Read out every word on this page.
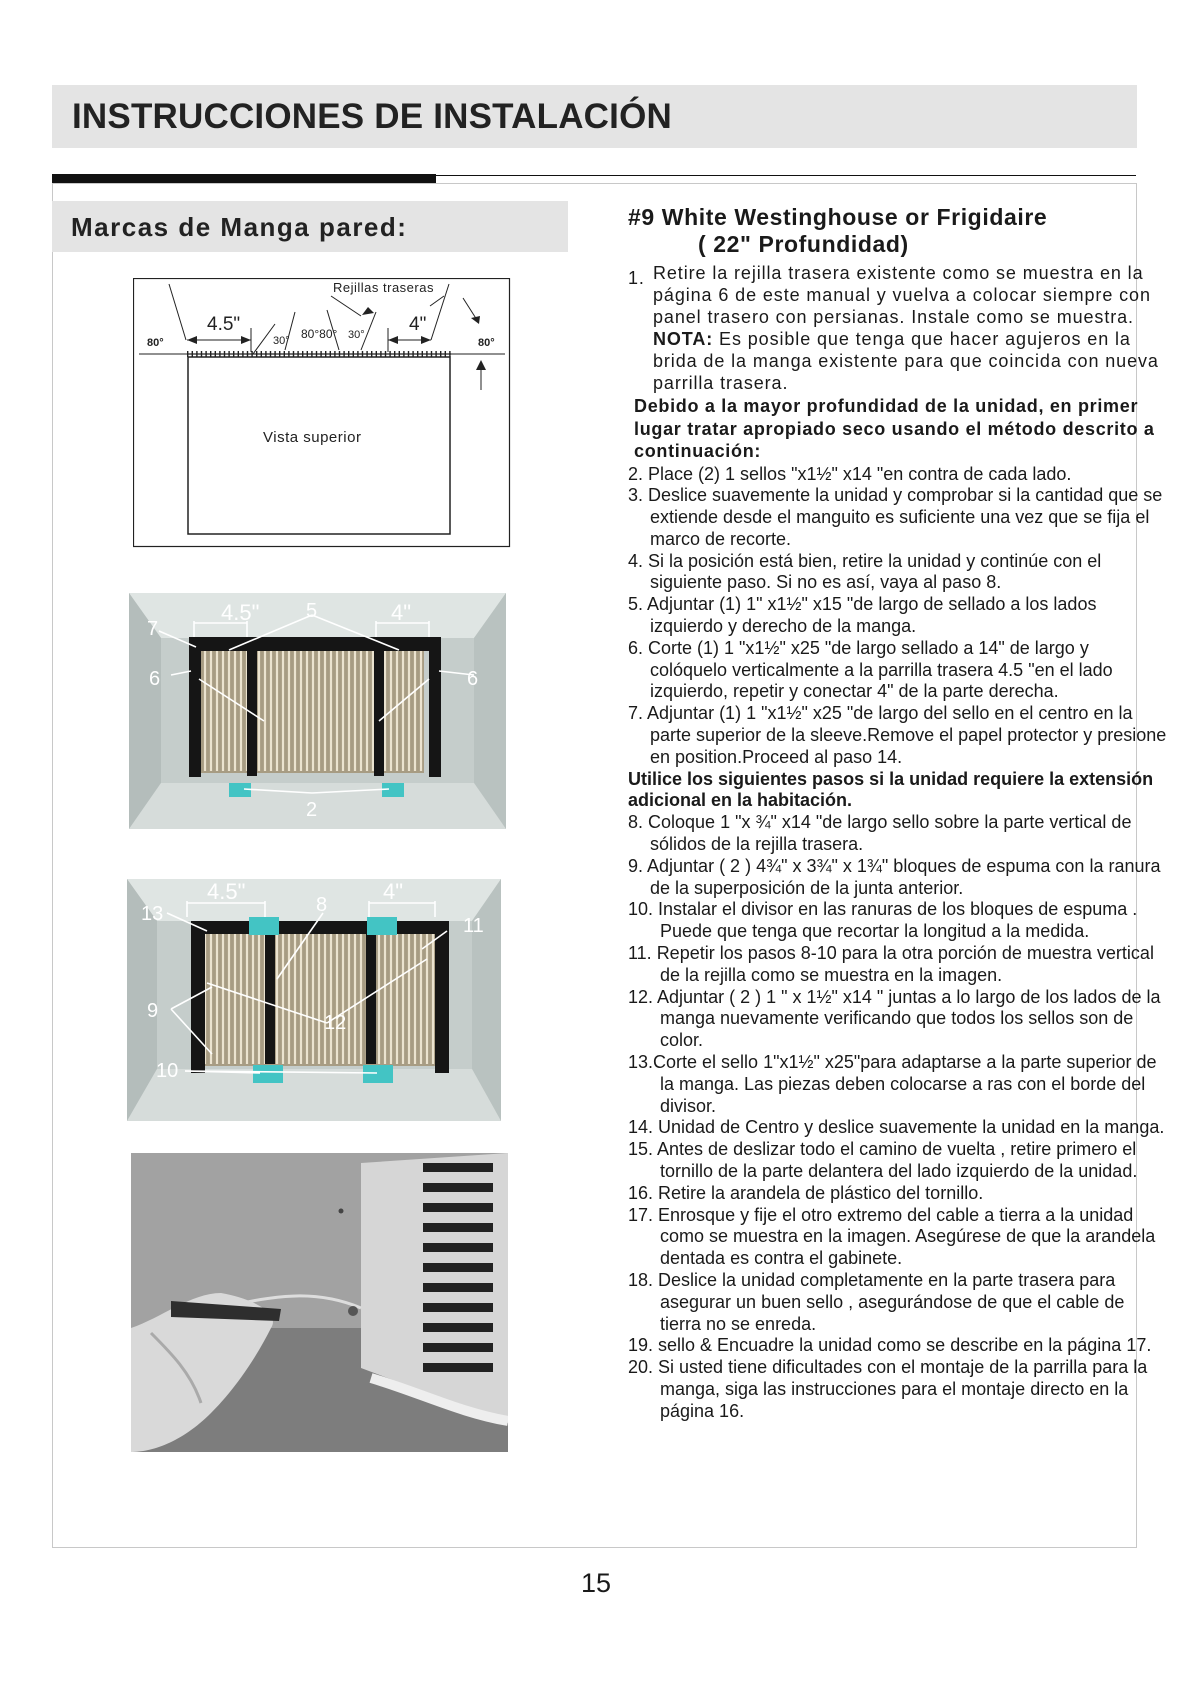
INSTRUCCIONES DE INSTALACIÓN
Marcas de Manga pared:
Rejillas traseras
4.5"	4"
30° 80°80° 30°
80°	80°
Vista superior
4.5"	4"
5
7
6	6
2
4.5"	4"
13	8
11
9
12
10

#9 White Westinghouse or Frigidaire

( 22" Profundidad)

1. Retire la rejilla trasera existente como se muestra en la página 6 de este manual y vuelva a colocar siempre con panel trasero con persianas. Instale como se muestra.

NOTA: Es posible que tenga que hacer agujeros en la brida de la manga existente para que coincida con nueva parrilla trasera.

Debido a la mayor profundidad de la unidad, en primer lugar tratar apropiado seco usando el método descrito a continuación:

2. Place (2) 1 sellos "x1½" x14 "en contra de cada lado.

3. Deslice suavemente la unidad y comprobar si la cantidad que se extiende desde el manguito es suficiente una vez que se fija el marco de recorte.

4. Si la posición está bien, retire la unidad y continúe con el siguiente paso. Si no es así, vaya al paso 8.

5. Adjuntar (1) 1" x1½" x15 "de largo de sellado a los lados izquierdo y derecho de la manga.

6. Corte (1) 1 "x1½" x25 "de largo sellado a 14" de largo y colóquelo verticalmente a la parrilla trasera 4.5 "en el lado izquierdo, repetir y conectar 4" de la parte derecha.

7. Adjuntar (1) 1 "x1½" x25 "de largo del sello en el centro en la parte superior de la sleeve.Remove el papel protector y presione en position.Proceed al paso 14.

Utilice los siguientes pasos si la unidad requiere la extensión adicional en la habitación.

8. Coloque 1 "x ¾" x14 "de largo sello sobre la parte vertical de sólidos de la rejilla trasera.

9. Adjuntar ( 2 ) 4¾" x 3¾" x 1¾" bloques de espuma con la ranura de la superposición de la junta anterior.

10. Instalar el divisor en las ranuras de los bloques de espuma . Puede que tenga que recortar la longitud a la medida.

11. Repetir los pasos 8-10 para la otra porción de muestra vertical de la rejilla como se muestra en la imagen.

12. Adjuntar ( 2 ) 1 " x 1½" x14 " juntas a lo largo de los lados de la manga nuevamente verificando que todos los sellos son de color.

13.Corte el sello 1"x1½" x25"para adaptarse a la parte superior de la manga. Las piezas deben colocarse a ras con el borde del divisor.

14. Unidad de Centro y deslice suavemente la unidad en la manga.

15. Antes de deslizar todo el camino de vuelta , retire primero el tornillo de la parte delantera del lado izquierdo de la unidad.

16. Retire la arandela de plástico del tornillo.

17. Enrosque y fije el otro extremo del cable a tierra a la unidad como se muestra en la imagen. Asegúrese de que la arandela dentada es contra el gabinete.

18. Deslice la unidad completamente en la parte trasera para asegurar un buen sello , asegurándose de que el cable de tierra no se enreda.

19. sello & Encuadre la unidad como se describe en la página 17.

20. Si usted tiene dificultades con el montaje de la parrilla para la manga, siga las instrucciones para el montaje directo en la página 16.

15
